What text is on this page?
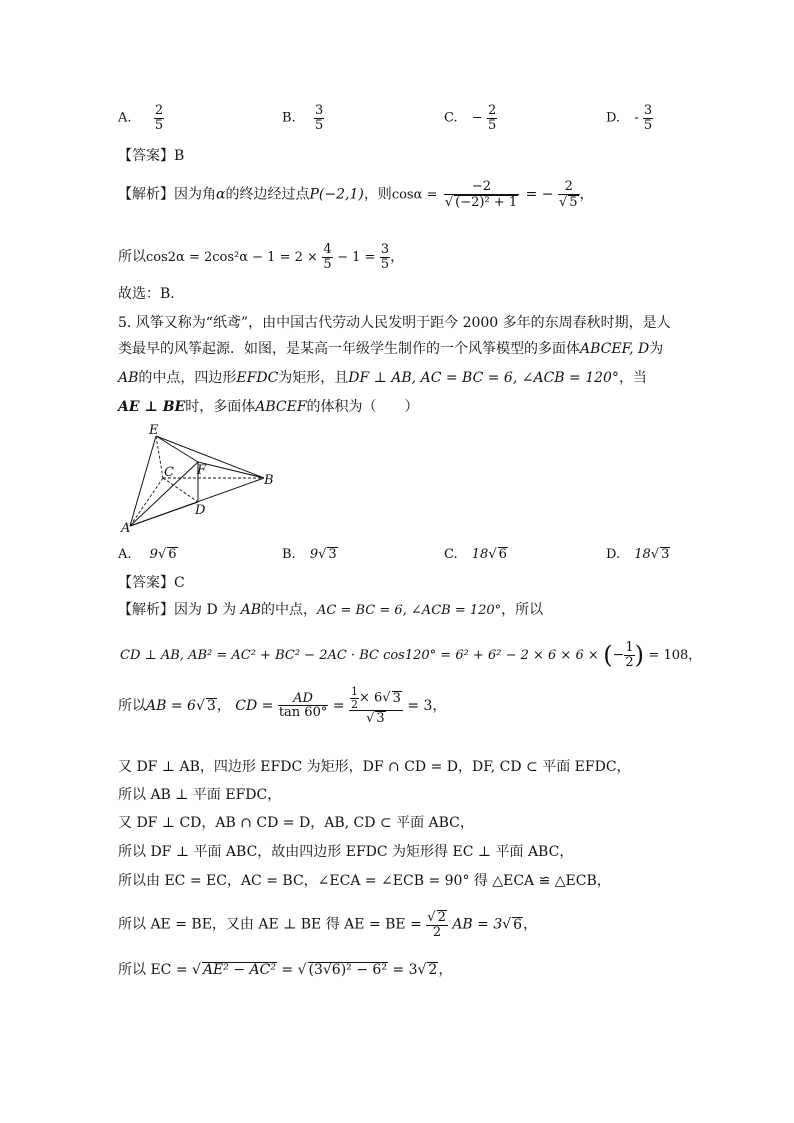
A. $\frac{2}{5}$	B. $\frac{3}{5}$	C. − $\frac{2}{5}$	D. - $\frac{3}{5}$
【答案】B
【解析】因为角α的终边经过点P(−2,1)，则$\cos\alpha = \frac{-2}{\text{√ (−2)² + 1}}$ = − $\frac{2}{√ 5}$ ，
所以$\cos 2\alpha = 2\cos^2\alpha - 1 = 2 \times \frac{4}{5} - 1 = \frac{3}{5}$ ，
故选：B.
5. 风筝又称为“纸鸢”，由中国古代劳动人民发明于距今 2000 多年的东周春秋时期，是人
类最早的风筝起源．如图，是某高一年级学生制作的一个风筝模型的多面体ABCEF, D为
AB的中点，四边形EFDC为矩形，且DF ⊥ AB, AC = BC = 6, ∠ACB = 120°，当
AE ⊥ BE时，多面体ABCEF的体积为（　　）
E
C F
B
D
A
A. 9√ 6	B. 9√ 3	C. 18√ 6	D. 18√ 3
【答案】C
【解析】因为 D 为 AB的中点，AC = BC = 6, ∠ACB = 120°，所以
CD ⊥ AB, AB² = AC² + BC² − 2AC · BC cos120° = 6² + 6² − 2 × 6 × 6 × (− $\frac{1}{2}$ ) = 108，
所以AB = 6√ 3， CD = $\frac{AD}{\tan 60^\circ} = \frac{\frac{1}{2} \times 6√ 3}{√ 3} = 3$，
又 DF ⊥ AB，四边形 EFDC 为矩形，DF ∩ CD = D，DF, CD ⊂ 平面 EFDC，
所以 AB ⊥ 平面 EFDC，
又 DF ⊥ CD，AB ∩ CD = D，AB, CD ⊂ 平面 ABC，
所以 DF ⊥ 平面 ABC，故由四边形 EFDC 为矩形得 EC ⊥ 平面 ABC，
所以由 EC = EC，AC = BC，∠ECA = ∠ECB = 90° 得 △ECA ≌ △ECB，
所以 AE = BE，又由 AE ⊥ BE 得 AE = BE = $\frac{√ 2}{2}$ AB = 3√ 6，
所以 EC = √ AE² − AC² = √ (3√6)² − 6² = 3√ 2，
